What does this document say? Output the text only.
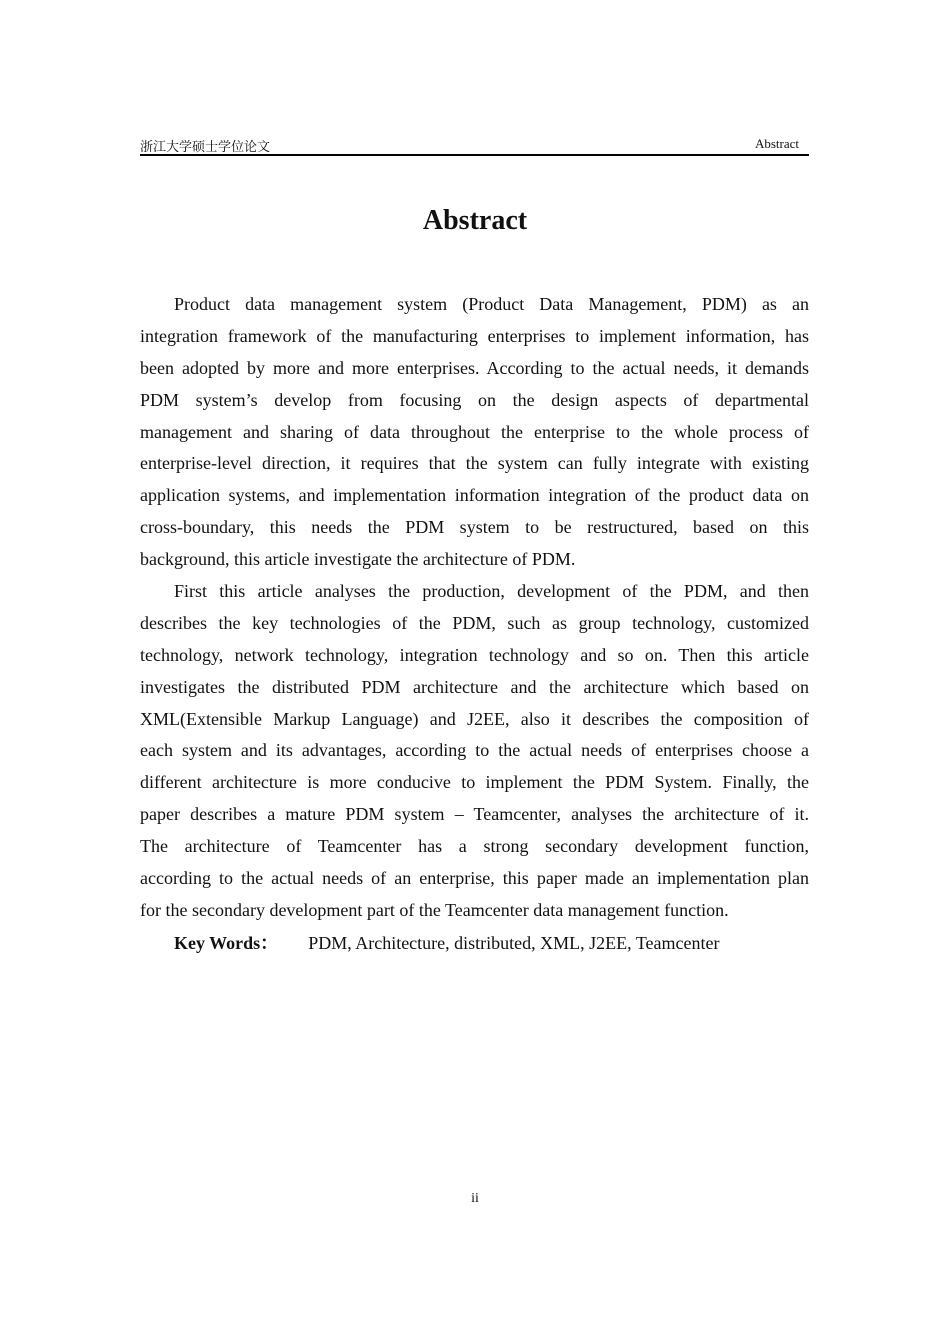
浙江大学硕士学位论文	Abstract
Abstract
Product data management system (Product Data Management, PDM) as an
integration framework of the manufacturing enterprises to implement information, has
been adopted by more and more enterprises. According to the actual needs, it demands
PDM system’s develop from focusing on the design aspects of departmental
management and sharing of data throughout the enterprise to the whole process of
enterprise-level direction, it requires that the system can fully integrate with existing
application systems, and implementation information integration of the product data on
cross-boundary, this needs the PDM system to be restructured, based on this
background, this article investigate the architecture of PDM.
First this article analyses the production, development of the PDM, and then
describes the key technologies of the PDM, such as group technology, customized
technology, network technology, integration technology and so on. Then this article
investigates the distributed PDM architecture and the architecture which based on
XML(Extensible Markup Language) and J2EE, also it describes the composition of
each system and its advantages, according to the actual needs of enterprises choose a
different architecture is more conducive to implement the PDM System. Finally, the
paper describes a mature PDM system – Teamcenter, analyses the architecture of it.
The architecture of Teamcenter has a strong secondary development function,
according to the actual needs of an enterprise, this paper made an implementation plan
for the secondary development part of the Teamcenter data management function.
Key Words： PDM, Architecture, distributed, XML, J2EE, Teamcenter
ii
